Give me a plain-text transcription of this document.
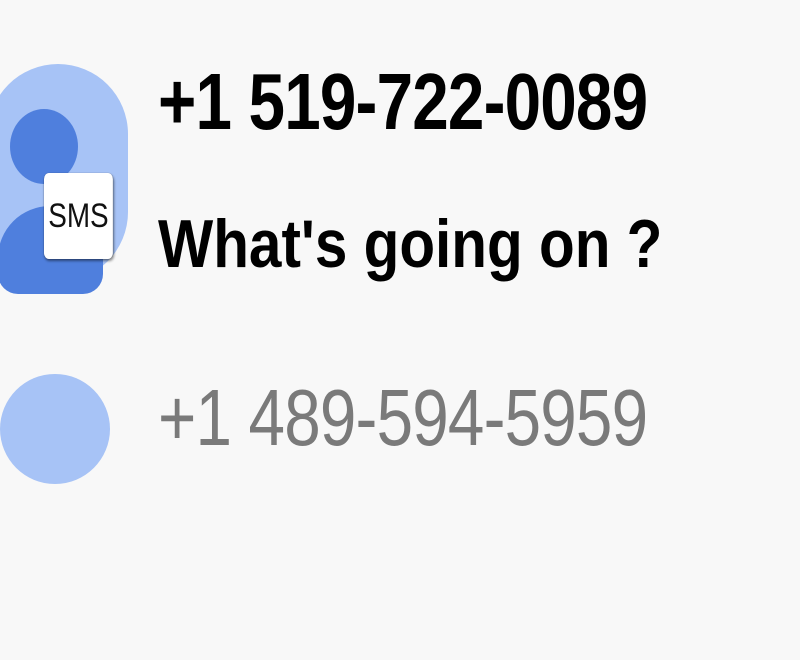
SMS
+1 519-722-0089
What's going on ?
+1 489-594-5959
